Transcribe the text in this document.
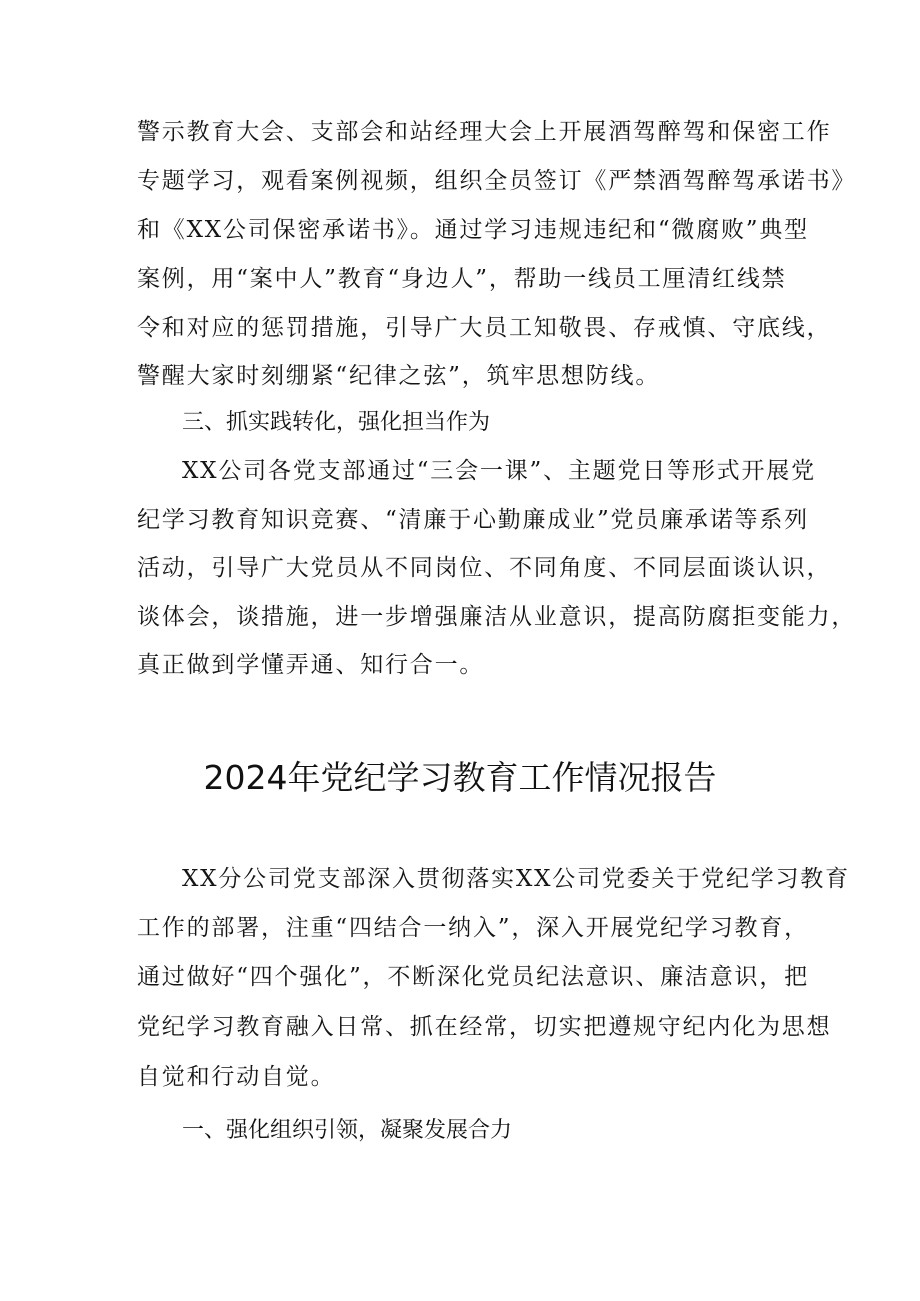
警示教育大会、支部会和站经理大会上开展酒驾醉驾和保密工作
专题学习，观看案例视频，组织全员签订《严禁酒驾醉驾承诺书》
和《XX公司保密承诺书》。通过学习违规违纪和“微腐败”典型
案例，用“案中人”教育“身边人”，帮助一线员工厘清红线禁
令和对应的惩罚措施，引导广大员工知敬畏、存戒慎、守底线，
警醒大家时刻绷紧“纪律之弦”，筑牢思想防线。
三、抓实践转化，强化担当作为
XX公司各党支部通过“三会一课”、主题党日等形式开展党
纪学习教育知识竞赛、“清廉于心勤廉成业”党员廉承诺等系列
活动，引导广大党员从不同岗位、不同角度、不同层面谈认识，
谈体会，谈措施，进一步增强廉洁从业意识，提高防腐拒变能力，
真正做到学懂弄通、知行合一。
2024年党纪学习教育工作情况报告
XX分公司党支部深入贯彻落实XX公司党委关于党纪学习教育
工作的部署，注重“四结合一纳入”，深入开展党纪学习教育，
通过做好“四个强化”，不断深化党员纪法意识、廉洁意识，把
党纪学习教育融入日常、抓在经常，切实把遵规守纪内化为思想
自觉和行动自觉。
一、强化组织引领，凝聚发展合力
